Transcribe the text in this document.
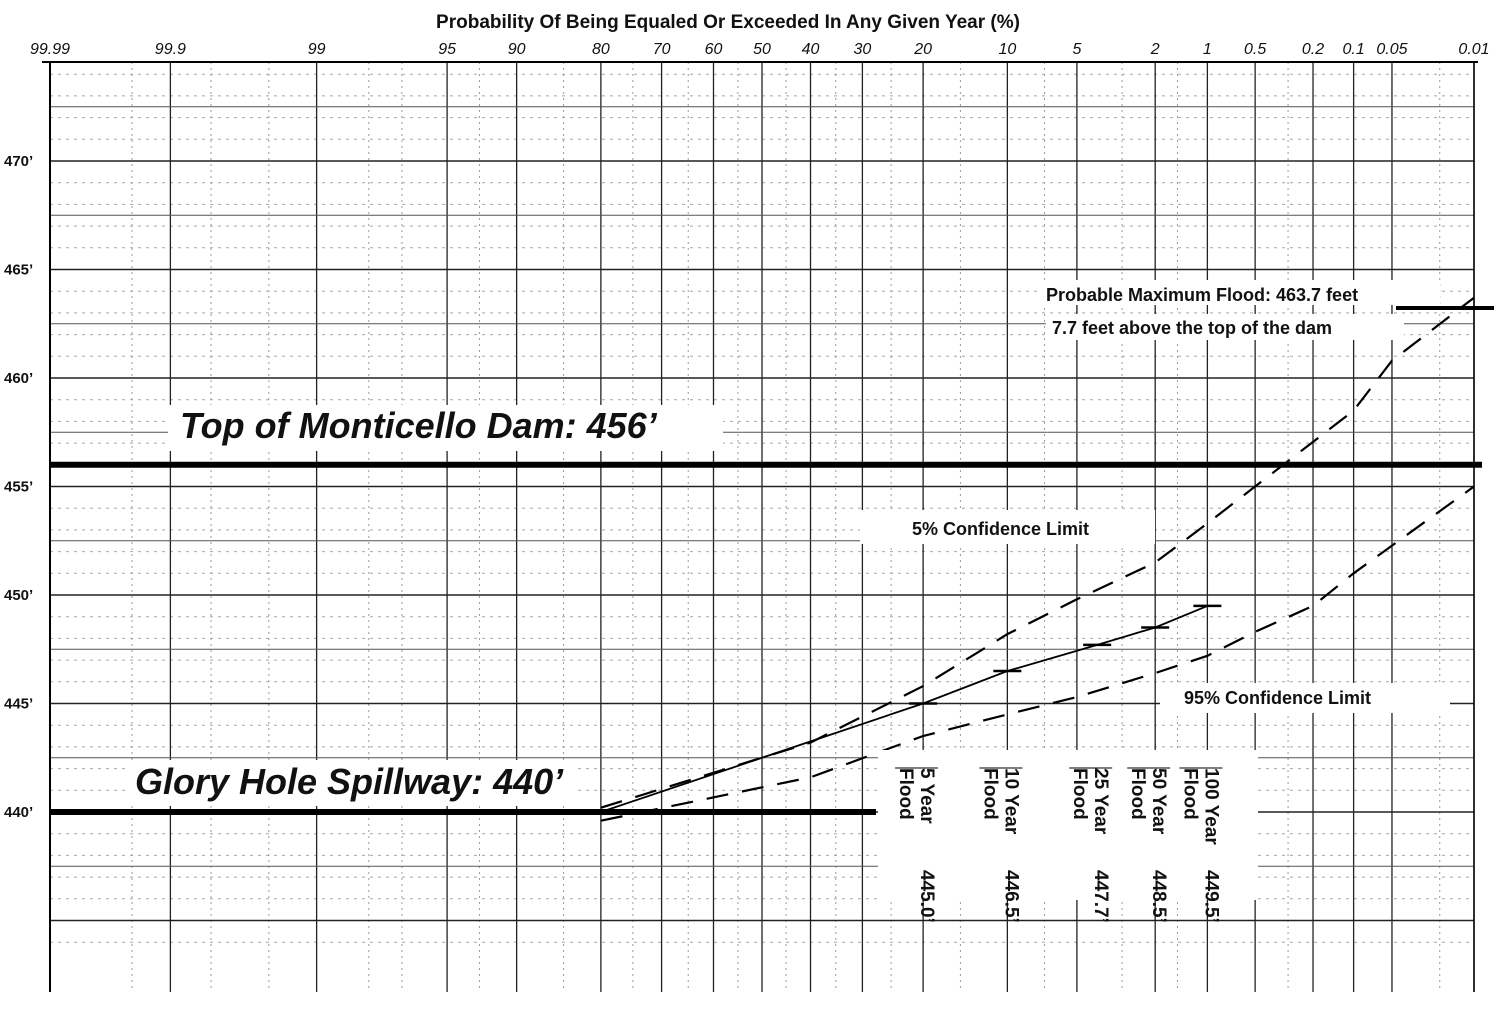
Probability Of Being Equaled Or Exceeded In Any Given Year (%)
99.99	99.9	99	95	90	80	70 60 50 40 30	20	10	5	2	1 0.5 0.2 0.1 0.05	0.01
440’
445’
450’
455’
460’
465’
470’
Top of Monticello Dam: 456’
Glory Hole Spillway: 440’
Probable Maximum Flood: 463.7 feet
7.7 feet above the top of the dam
5% Confidence Limit
95% Confidence Limit
5 Year
Flood
445.0’
10 Year
Flood
446.5’
25 Year
Flood
447.7’
50 Year
Flood
448.5’
100 Year
Flood
449.5’
